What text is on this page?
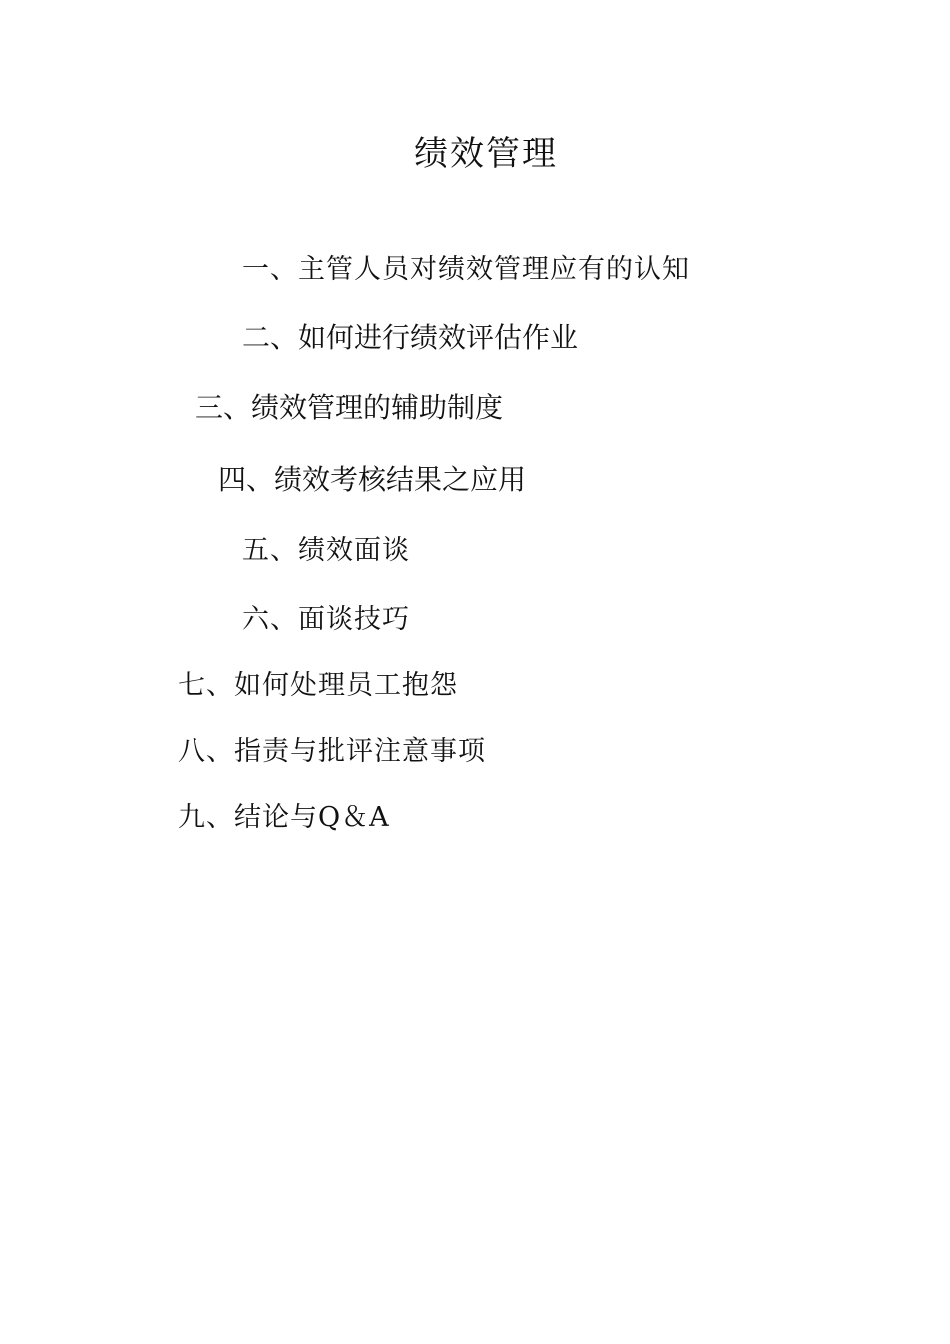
绩效管理
一、主管人员对绩效管理应有的认知
二、如何进行绩效评估作业
三、绩效管理的辅助制度
四、绩效考核结果之应用
五、绩效面谈
六、面谈技巧
七、如何处理员工抱怨
八、指责与批评注意事项
九、结论与Q＆A
